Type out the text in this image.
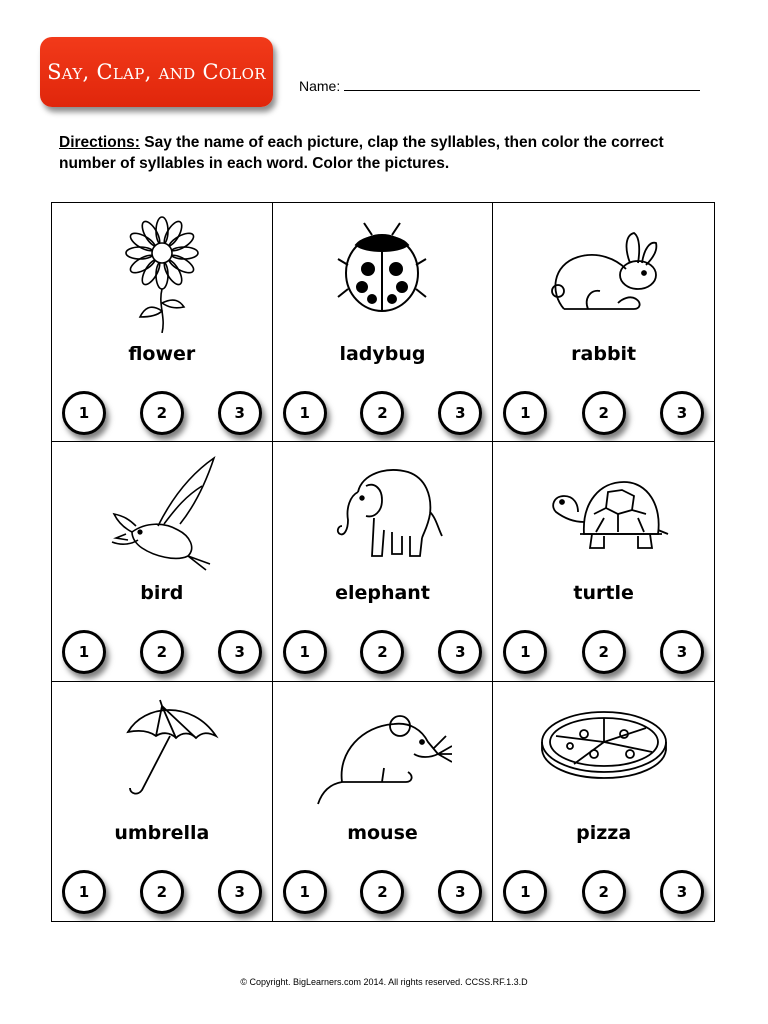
Say, Clap, and Color
Name:
Directions: Say the name of each picture, clap the syllables, then color the correct number of syllables in each word. Color the pictures.
flower
1	2	3
ladybug
1	2	3
rabbit
1	2	3
bird
1	2	3
elephant
1	2	3
turtle
1	2	3
umbrella
1	2	3
mouse
1	2	3
pizza
1	2	3
© Copyright. BigLearners.com 2014. All rights reserved. CCSS.RF.1.3.D
